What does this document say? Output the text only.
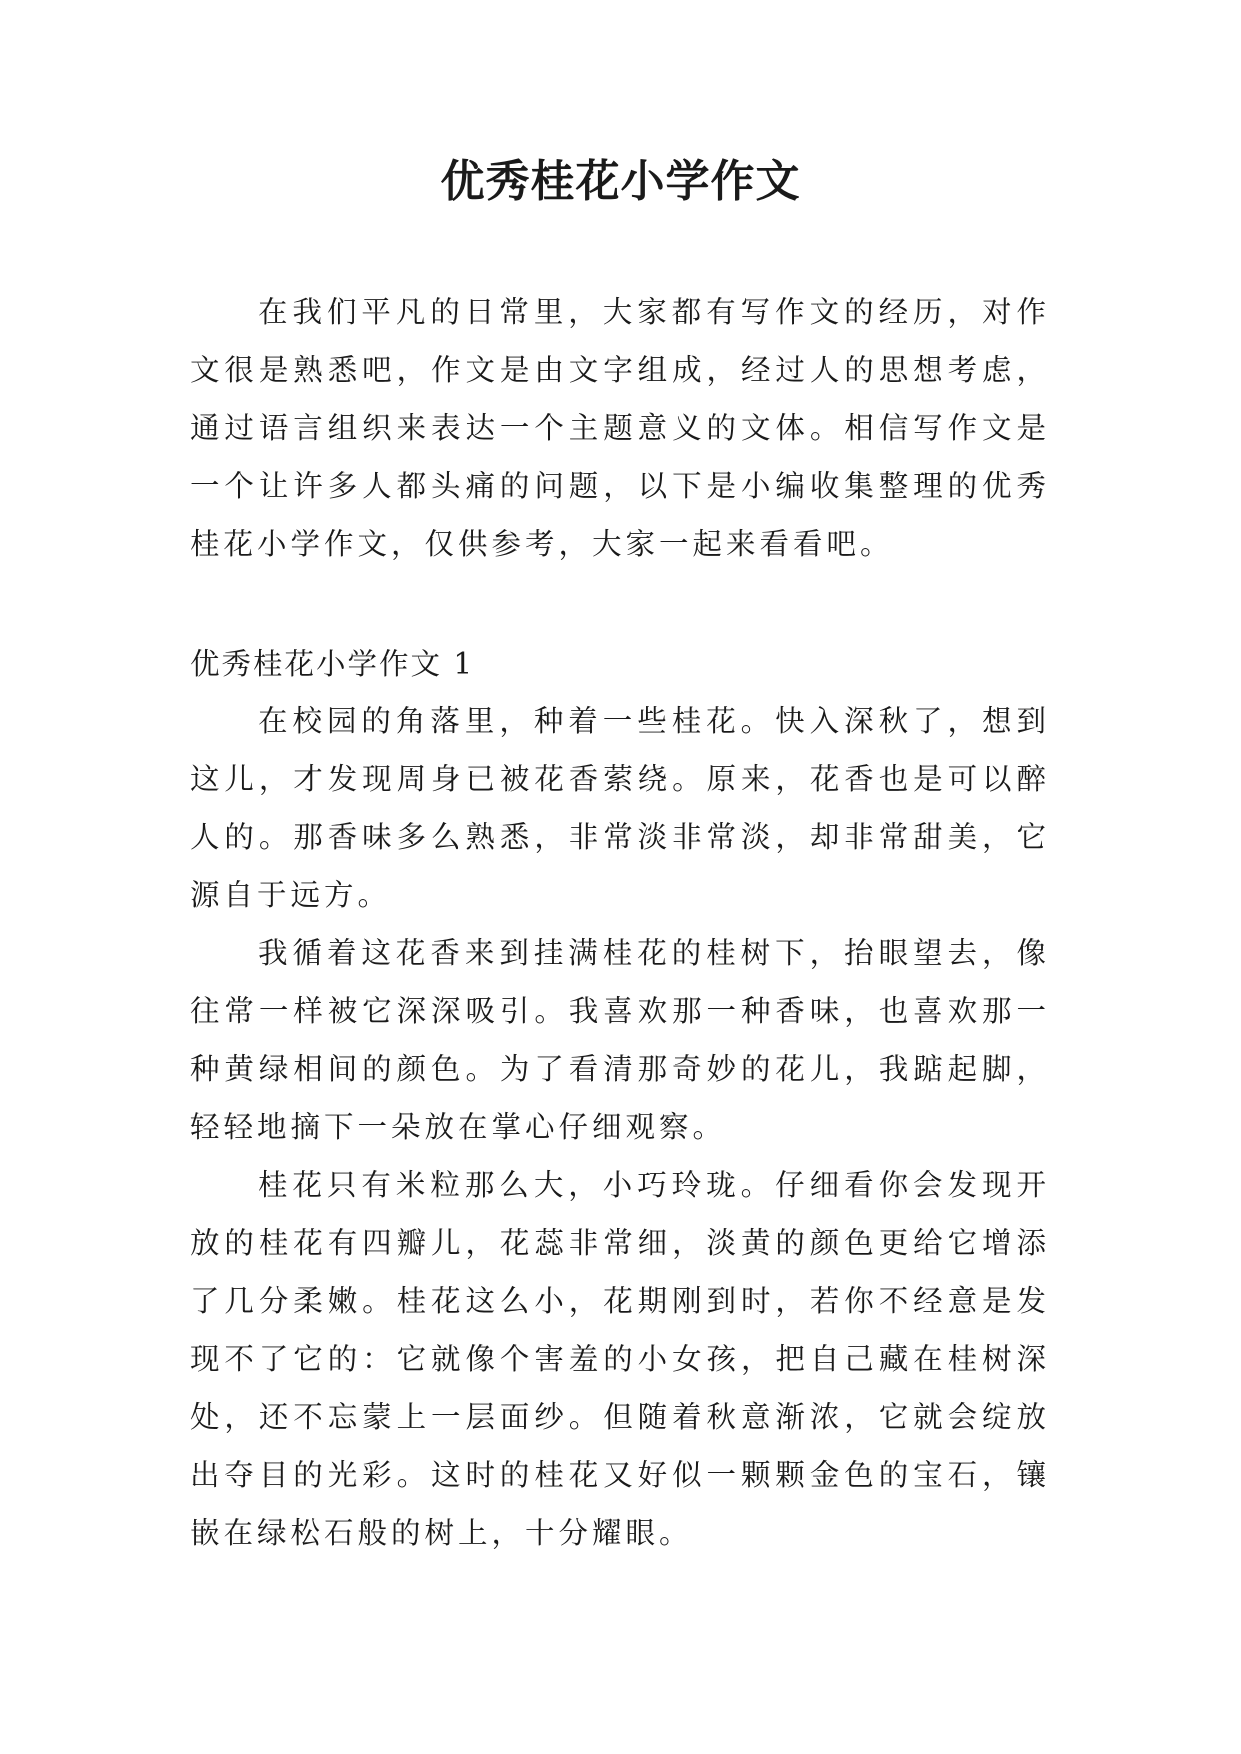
优秀桂花小学作文

在我们平凡的日常里，大家都有写作文的经历，对作文很是熟悉吧，作文是由文字组成，经过人的思想考虑，通过语言组织来表达一个主题意义的文体。相信写作文是一个让许多人都头痛的问题，以下是小编收集整理的优秀桂花小学作文，仅供参考，大家一起来看看吧。

优秀桂花小学作文 1

在校园的角落里，种着一些桂花。快入深秋了，想到这儿，才发现周身已被花香萦绕。原来，花香也是可以醉人的。那香味多么熟悉，非常淡非常淡，却非常甜美，它源自于远方。

我循着这花香来到挂满桂花的桂树下，抬眼望去，像往常一样被它深深吸引。我喜欢那一种香味，也喜欢那一种黄绿相间的颜色。为了看清那奇妙的花儿，我踮起脚，轻轻地摘下一朵放在掌心仔细观察。

桂花只有米粒那么大，小巧玲珑。仔细看你会发现开放的桂花有四瓣儿，花蕊非常细，淡黄的颜色更给它增添了几分柔嫩。桂花这么小，花期刚到时，若你不经意是发现不了它的：它就像个害羞的小女孩，把自己藏在桂树深处，还不忘蒙上一层面纱。但随着秋意渐浓，它就会绽放出夺目的光彩。这时的桂花又好似一颗颗金色的宝石，镶嵌在绿松石般的树上，十分耀眼。
